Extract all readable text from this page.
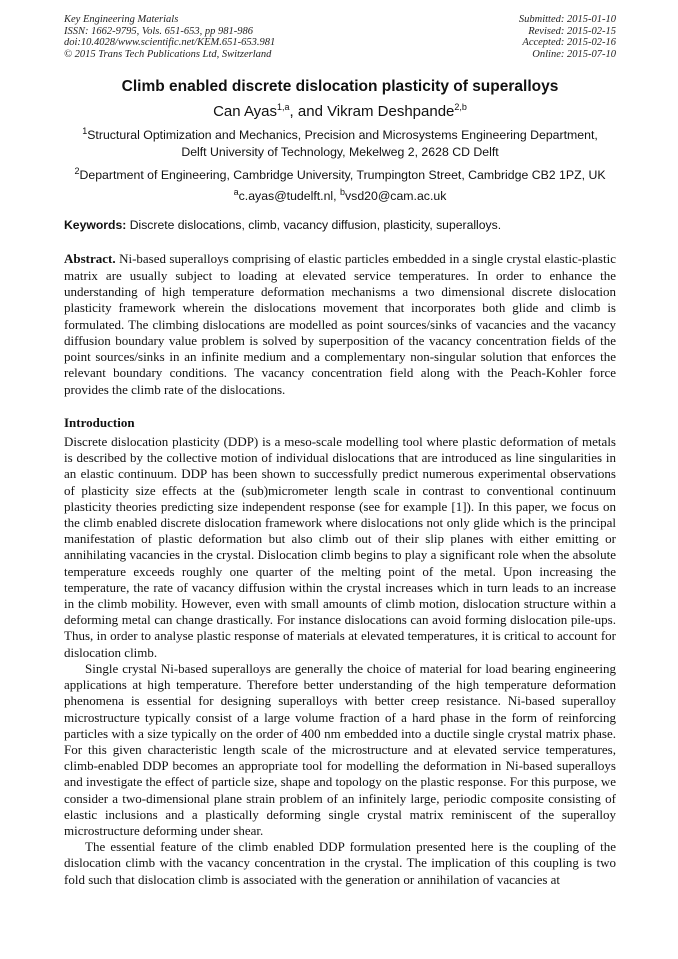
Key Engineering Materials
ISSN: 1662-9795, Vols. 651-653, pp 981-986
doi:10.4028/www.scientific.net/KEM.651-653.981
© 2015 Trans Tech Publications Ltd, Switzerland
Submitted: 2015-01-10
Revised: 2015-02-15
Accepted: 2015-02-16
Online: 2015-07-10
Climb enabled discrete dislocation plasticity of superalloys
Can Ayas$^{1,a}$, and Vikram Deshpande$^{2,b}$
$^1$Structural Optimization and Mechanics, Precision and Microsystems Engineering Department,
Delft University of Technology, Mekelweg 2, 2628 CD Delft
$^2$Department of Engineering, Cambridge University, Trumpington Street, Cambridge CB2 1PZ, UK
$^a$c.ayas@tudelft.nl, $^b$vsd20@cam.ac.uk
Keywords: Discrete dislocations, climb, vacancy diffusion, plasticity, superalloys.
Abstract. Ni-based superalloys comprising of elastic particles embedded in a single crystal elastic-plastic matrix are usually subject to loading at elevated service temperatures. In order to enhance the understanding of high temperature deformation mechanisms a two dimensional discrete dislocation plasticity framework wherein the dislocations movement that incorporates both glide and climb is formulated. The climbing dislocations are modelled as point sources/sinks of vacancies and the vacancy diffusion boundary value problem is solved by superposition of the vacancy concentration fields of the point sources/sinks in an infinite medium and a complementary non-singular solution that enforces the relevant boundary conditions. The vacancy concentration field along with the Peach-Kohler force provides the climb rate of the dislocations.
Introduction

Discrete dislocation plasticity (DDP) is a meso-scale modelling tool where plastic deformation of metals is described by the collective motion of individual dislocations that are introduced as line singularities in an elastic continuum. DDP has been shown to successfully predict numerous experimental observations of plasticity size effects at the (sub)micrometer length scale in contrast to conventional continuum plasticity theories predicting size independent response (see for example [1]). In this paper, we focus on the climb enabled discrete dislocation framework where dislocations not only glide which is the principal manifestation of plastic deformation but also climb out of their slip planes with either emitting or annihilating vacancies in the crystal. Dislocation climb begins to play a significant role when the absolute temperature exceeds roughly one quarter of the melting point of the metal. Upon increasing the temperature, the rate of vacancy diffusion within the crystal increases which in turn leads to an increase in the climb mobility. However, even with small amounts of climb motion, dislocation structure within a deforming metal can change drastically. For instance dislocations can avoid forming dislocation pile-ups. Thus, in order to analyse plastic response of materials at elevated temperatures, it is critical to account for dislocation climb.

Single crystal Ni-based superalloys are generally the choice of material for load bearing engineering applications at high temperature. Therefore better understanding of the high temperature deformation phenomena is essential for designing superalloys with better creep resistance. Ni-based superalloy microstructure typically consist of a large volume fraction of a hard phase in the form of reinforcing particles with a size typically on the order of 400 nm embedded into a ductile single crystal matrix phase. For this given characteristic length scale of the microstructure and at elevated service temperatures, climb-enabled DDP becomes an appropriate tool for modelling the deformation in Ni-based superalloys and investigate the effect of particle size, shape and topology on the plastic response. For this purpose, we consider a two-dimensional plane strain problem of an infinitely large, periodic composite consisting of elastic inclusions and a plastically deforming single crystal matrix reminiscent of the superalloy microstructure deforming under shear.

The essential feature of the climb enabled DDP formulation presented here is the coupling of the dislocation climb with the vacancy concentration in the crystal. The implication of this coupling is two fold such that dislocation climb is associated with the generation or annihilation of vacancies at
